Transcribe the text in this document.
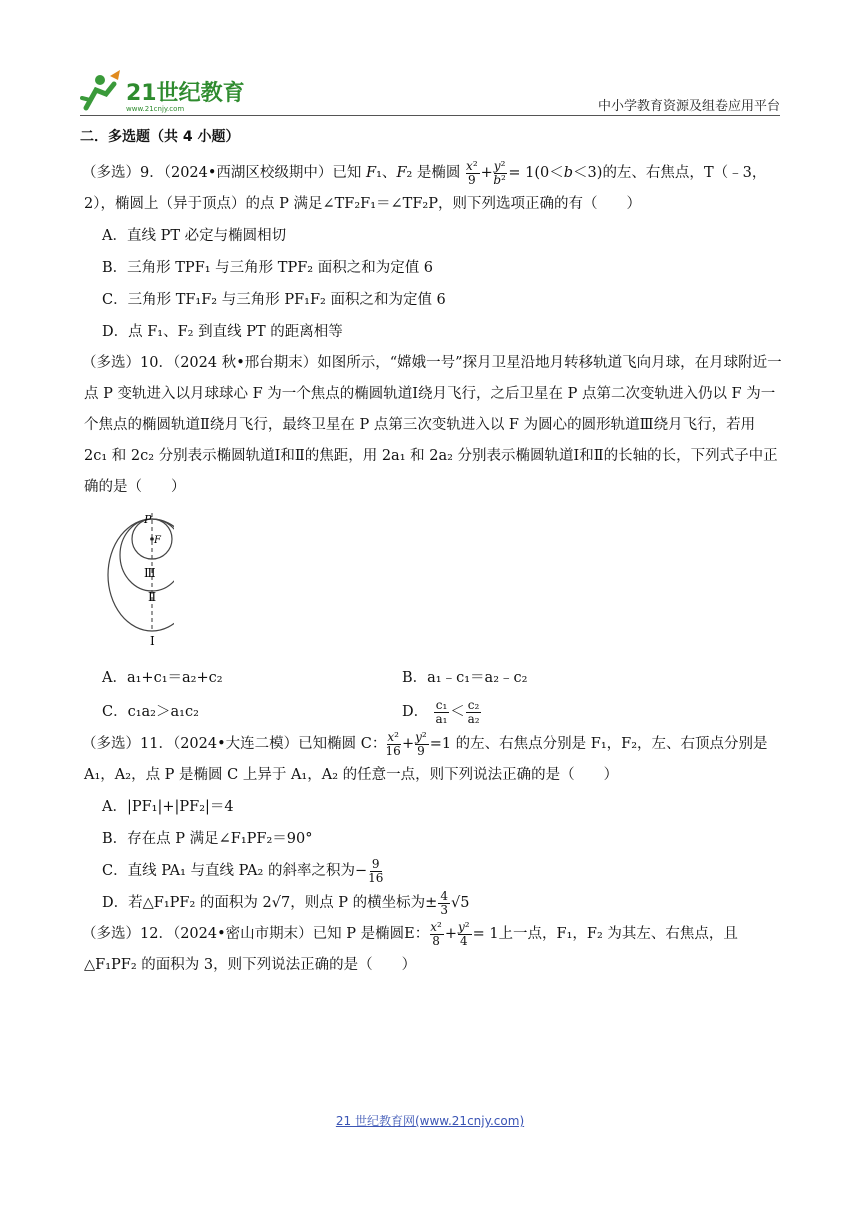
21世纪教育
www.21cnjy.com	中小学教育资源及组卷应用平台
二．多选题（共 4 小题）

（多选）9．（2024•西湖区校级期中）已知 F₁、F₂ 是椭圆 $\frac{\text{x²}}{9} + \frac{\text{y²}}{\text{b²}} = 1(0<b<3)$的左、右焦点，T（﹣3，2），椭圆上（异于顶点）的点 P 满足∠TF₂F₁＝∠TF₂P，则下列选项正确的有（　　）

A．直线 PT 必定与椭圆相切
B．三角形 TPF₁ 与三角形 TPF₂ 面积之和为定值 6
C．三角形 TF₁F₂ 与三角形 PF₁F₂ 面积之和为定值 6
D．点 F₁、F₂ 到直线 PT 的距离相等

（多选）10．（2024 秋•邢台期末）如图所示，“嫦娥一号”探月卫星沿地月转移轨道飞向月球，在月球附近一点 P 变轨进入以月球球心 F 为一个焦点的椭圆轨道Ⅰ绕月飞行，之后卫星在 P 点第二次变轨进入仍以 F 为一个焦点的椭圆轨道Ⅱ绕月飞行，最终卫星在 P 点第三次变轨进入以 F 为圆心的圆形轨道Ⅲ绕月飞行，若用 2c₁ 和 2c₂ 分别表示椭圆轨道Ⅰ和Ⅱ的焦距，用 2a₁ 和 2a₂ 分别表示椭圆轨道Ⅰ和Ⅱ的长轴的长，下列式子中正确的是（　　）

P
F
Ⅲ
Ⅱ
Ⅰ
A．a₁+c₁＝a₂+c₂	B．a₁﹣c₁＝a₂﹣c₂
C．c₁a₂＞a₁c₂	D． $\frac{\text{c₁}}{\text{a₁}} < \frac{\text{c₂}}{\text{a₂}}$

（多选）11．（2024•大连二模）已知椭圆 C： $\frac{\text{x²}}{16} + \frac{\text{y²}}{9} =1$ 的左、右焦点分别是 F₁，F₂，左、右顶点分别是 A₁，A₂，点 P 是椭圆 C 上异于 A₁，A₂ 的任意一点，则下列说法正确的是（　　）

A．|PF₁|+|PF₂|＝4
B．存在点 P 满足∠F₁PF₂＝90°
C．直线 PA₁ 与直线 PA₂ 的斜率之积为− $\frac{9}{16}$
D．若△F₁PF₂ 的面积为 2√7，则点 P 的横坐标为± $\frac{4}{3} √5$

（多选）12．（2024•密山市期末）已知 P 是椭圆E： $\frac{\text{x²}}{8} + \frac{\text{y²}}{4} = 1$上一点，F₁，F₂ 为其左、右焦点，且△F₁PF₂ 的面积为 3，则下列说法正确的是（　　）

21 世纪教育网(www.21cnjy.com)
